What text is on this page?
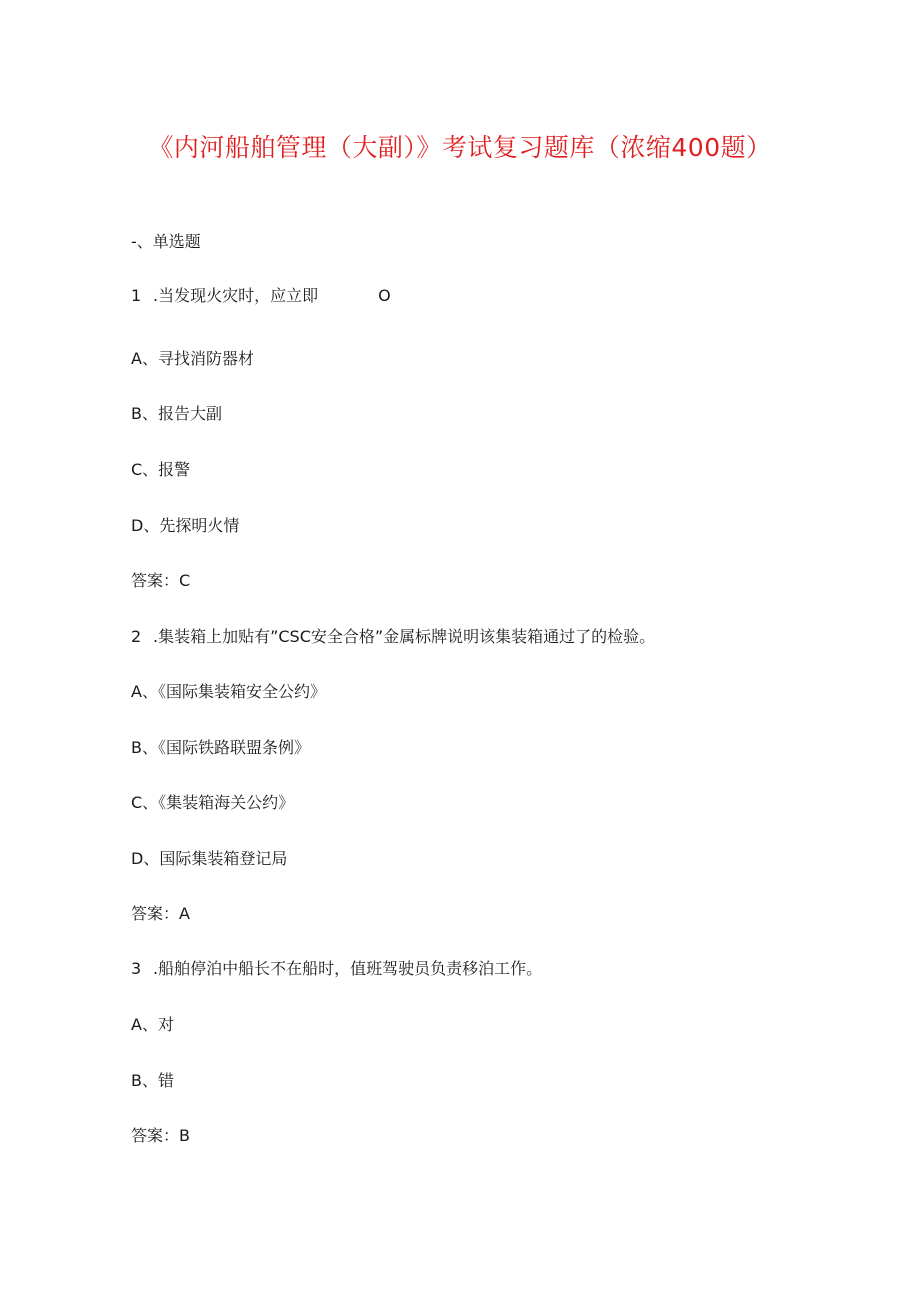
《内河船舶管理（大副）》考试复习题库（浓缩400题）
-、单选题
1 .当发现火灾时，应立即	O
A、寻找消防器材
B、报告大副
C、报警
D、先探明火情
答案：C
2 .集装箱上加贴有”CSC安全合格”金属标牌说明该集装箱通过了的检验。
A、《国际集装箱安全公约》
B、《国际铁路联盟条例》
C、《集装箱海关公约》
D、国际集装箱登记局
答案：A
3 .船舶停泊中船长不在船时，值班驾驶员负责移泊工作。
A、对
B、错
答案：B
